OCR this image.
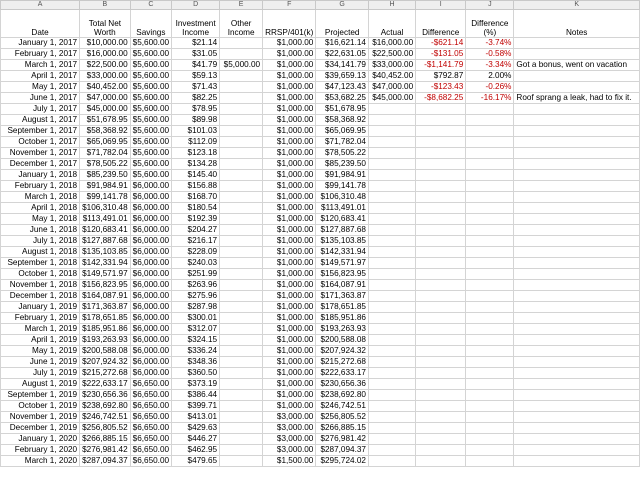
A	B	C	D	E	F	G	H	I	J	K
Date	Total Net Worth	Savings	Investment Income	Other Income	RRSP/401(k)	Projected	Actual	Difference	Difference (%)	Notes
January 1, 2017	$10,000.00	$5,600.00	$21.14		$1,000.00	$16,621.14	$16,000.00	-$621.14	-3.74%	
February 1, 2017	$16,000.00	$5,600.00	$31.05		$1,000.00	$22,631.05	$22,500.00	-$131.05	-0.58%	
March 1, 2017	$22,500.00	$5,600.00	$41.79	$5,000.00	$1,000.00	$34,141.79	$33,000.00	-$1,141.79	-3.34%	Got a bonus, went on vacation
April 1, 2017	$33,000.00	$5,600.00	$59.13		$1,000.00	$39,659.13	$40,452.00	$792.87	2.00%	
May 1, 2017	$40,452.00	$5,600.00	$71.43		$1,000.00	$47,123.43	$47,000.00	-$123.43	-0.26%	
June 1, 2017	$47,000.00	$5,600.00	$82.25		$1,000.00	$53,682.25	$45,000.00	-$8,682.25	-16.17%	Roof sprang a leak, had to fix it.
July 1, 2017	$45,000.00	$5,600.00	$78.95		$1,000.00	$51,678.95				
August 1, 2017	$51,678.95	$5,600.00	$89.98		$1,000.00	$58,368.92				
September 1, 2017	$58,368.92	$5,600.00	$101.03		$1,000.00	$65,069.95				
October 1, 2017	$65,069.95	$5,600.00	$112.09		$1,000.00	$71,782.04				
November 1, 2017	$71,782.04	$5,600.00	$123.18		$1,000.00	$78,505.22				
December 1, 2017	$78,505.22	$5,600.00	$134.28		$1,000.00	$85,239.50				
January 1, 2018	$85,239.50	$5,600.00	$145.40		$1,000.00	$91,984.91				
February 1, 2018	$91,984.91	$6,000.00	$156.88		$1,000.00	$99,141.78				
March 1, 2018	$99,141.78	$6,000.00	$168.70		$1,000.00	$106,310.48				
April 1, 2018	$106,310.48	$6,000.00	$180.54		$1,000.00	$113,491.01				
May 1, 2018	$113,491.01	$6,000.00	$192.39		$1,000.00	$120,683.41				
June 1, 2018	$120,683.41	$6,000.00	$204.27		$1,000.00	$127,887.68				
July 1, 2018	$127,887.68	$6,000.00	$216.17		$1,000.00	$135,103.85				
August 1, 2018	$135,103.85	$6,000.00	$228.09		$1,000.00	$142,331.94				
September 1, 2018	$142,331.94	$6,000.00	$240.03		$1,000.00	$149,571.97				
October 1, 2018	$149,571.97	$6,000.00	$251.99		$1,000.00	$156,823.95				
November 1, 2018	$156,823.95	$6,000.00	$263.96		$1,000.00	$164,087.91				
December 1, 2018	$164,087.91	$6,000.00	$275.96		$1,000.00	$171,363.87				
January 1, 2019	$171,363.87	$6,000.00	$287.98		$1,000.00	$178,651.85				
February 1, 2019	$178,651.85	$6,000.00	$300.01		$1,000.00	$185,951.86				
March 1, 2019	$185,951.86	$6,000.00	$312.07		$1,000.00	$193,263.93				
April 1, 2019	$193,263.93	$6,000.00	$324.15		$1,000.00	$200,588.08				
May 1, 2019	$200,588.08	$6,000.00	$336.24		$1,000.00	$207,924.32				
June 1, 2019	$207,924.32	$6,000.00	$348.36		$1,000.00	$215,272.68				
July 1, 2019	$215,272.68	$6,000.00	$360.50		$1,000.00	$222,633.17				
August 1, 2019	$222,633.17	$6,650.00	$373.19		$1,000.00	$230,656.36				
September 1, 2019	$230,656.36	$6,650.00	$386.44		$1,000.00	$238,692.80				
October 1, 2019	$238,692.80	$6,650.00	$399.71		$1,000.00	$246,742.51				
November 1, 2019	$246,742.51	$6,650.00	$413.01		$3,000.00	$256,805.52				
December 1, 2019	$256,805.52	$6,650.00	$429.63		$3,000.00	$266,885.15				
January 1, 2020	$266,885.15	$6,650.00	$446.27		$3,000.00	$276,981.42				
February 1, 2020	$276,981.42	$6,650.00	$462.95		$3,000.00	$287,094.37				
March 1, 2020	$287,094.37	$6,650.00	$479.65		$1,500.00	$295,724.02				
